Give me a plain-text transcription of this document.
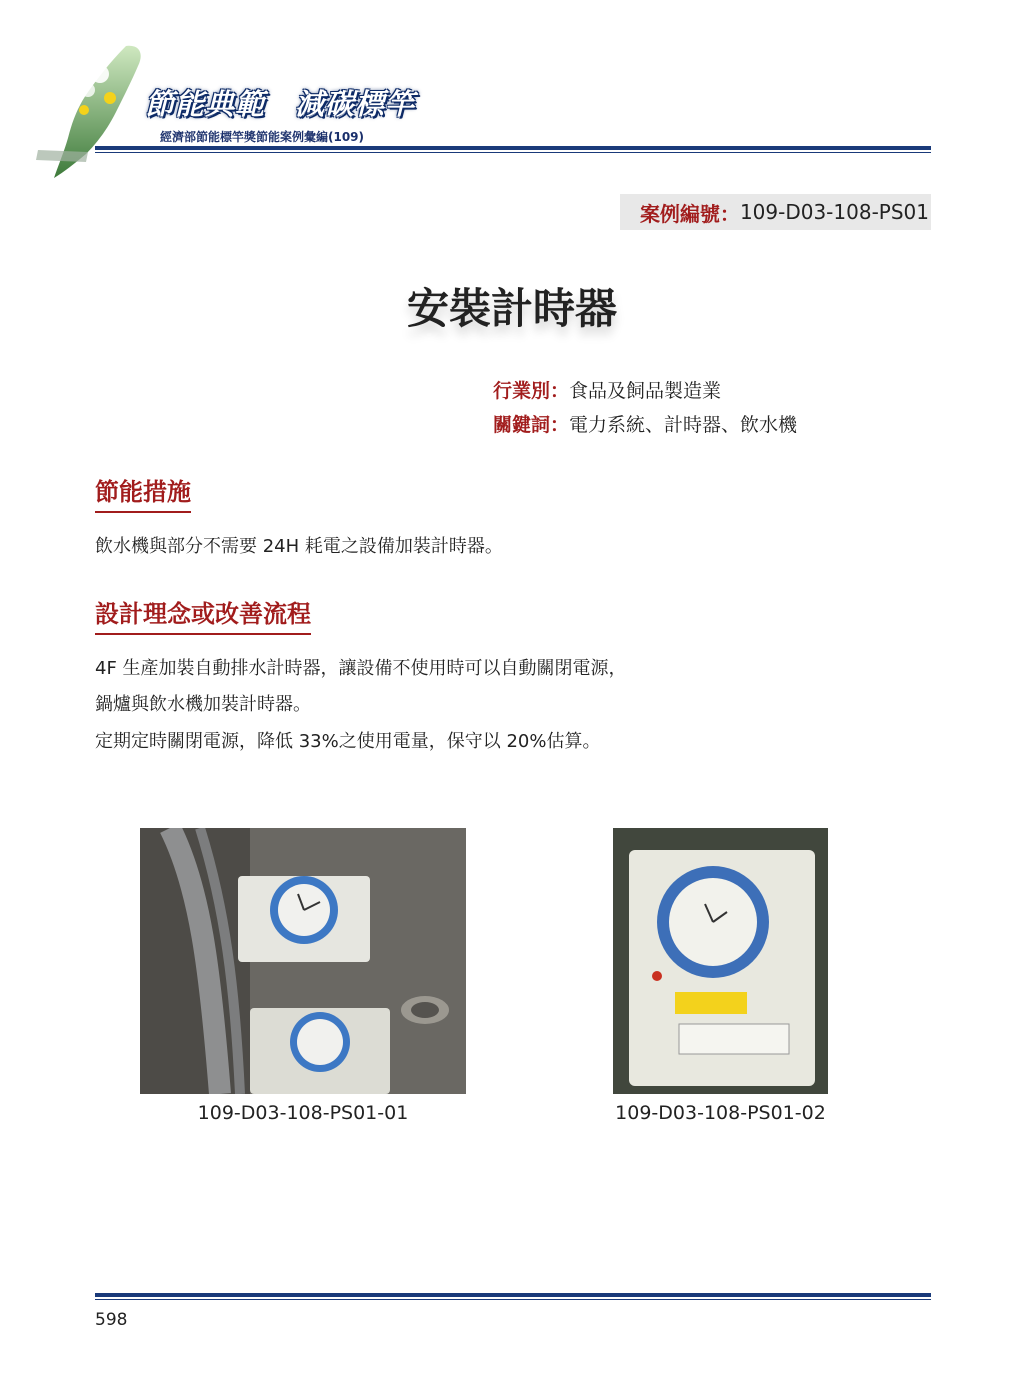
節能典範　減碳標竿
經濟部節能標竿獎節能案例彙編(109)
案例編號： 109-D03-108-PS01
安裝計時器
行業別：食品及飼品製造業
關鍵詞：電力系統、計時器、飲水機
節能措施
飲水機與部分不需要 24H 耗電之設備加裝計時器。
設計理念或改善流程
4F 生產加裝自動排水計時器，讓設備不使用時可以自動關閉電源，
鍋爐與飲水機加裝計時器。
定期定時關閉電源，降低 33%之使用電量，保守以 20%估算。
109-D03-108-PS01-01	109-D03-108-PS01-02
598
